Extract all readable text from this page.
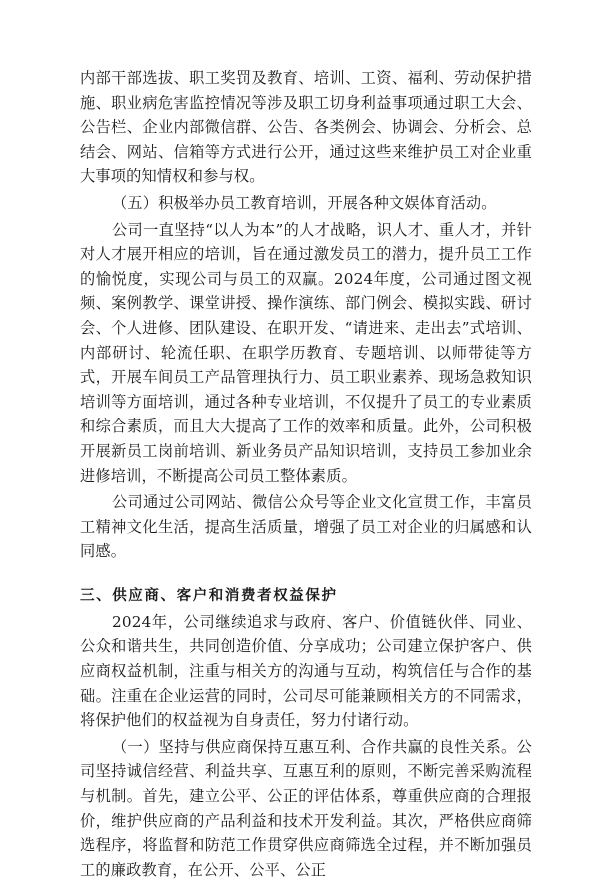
内部干部选拔、职工奖罚及教育、培训、工资、福利、劳动保护措施、职业病危害监控情况等涉及职工切身利益事项通过职工大会、公告栏、企业内部微信群、公告、各类例会、协调会、分析会、总结会、网站、信箱等方式进行公开，通过这些来维护员工对企业重大事项的知情权和参与权。

（五）积极举办员工教育培训，开展各种文娱体育活动。

公司一直坚持“以人为本”的人才战略，识人才、重人才，并针对人才展开相应的培训，旨在通过激发员工的潜力，提升员工工作的愉悦度，实现公司与员工的双赢。2024年度，公司通过图文视频、案例教学、课堂讲授、操作演练、部门例会、模拟实践、研讨会、个人进修、团队建设、在职开发、“请进来、走出去”式培训、内部研讨、轮流任职、在职学历教育、专题培训、以师带徒等方式，开展车间员工产品管理执行力、员工职业素养、现场急救知识培训等方面培训，通过各种专业培训，不仅提升了员工的专业素质和综合素质，而且大大提高了工作的效率和质量。此外，公司积极开展新员工岗前培训、新业务员产品知识培训，支持员工参加业余进修培训，不断提高公司员工整体素质。

公司通过公司网站、微信公众号等企业文化宣贯工作，丰富员工精神文化生活，提高生活质量，增强了员工对企业的归属感和认同感。

三、供应商、客户和消费者权益保护

2024年，公司继续追求与政府、客户、价值链伙伴、同业、公众和谐共生，共同创造价值、分享成功；公司建立保护客户、供应商权益机制，注重与相关方的沟通与互动，构筑信任与合作的基础。注重在企业运营的同时，公司尽可能兼顾相关方的不同需求，将保护他们的权益视为自身责任，努力付诸行动。

（一）坚持与供应商保持互惠互利、合作共赢的良性关系。公司坚持诚信经营、利益共享、互惠互利的原则，不断完善采购流程与机制。首先，建立公平、公正的评估体系，尊重供应商的合理报价，维护供应商的产品利益和技术开发利益。其次，严格供应商筛选程序，将监督和防范工作贯穿供应商筛选全过程，并不断加强员工的廉政教育，在公开、公平、公正
